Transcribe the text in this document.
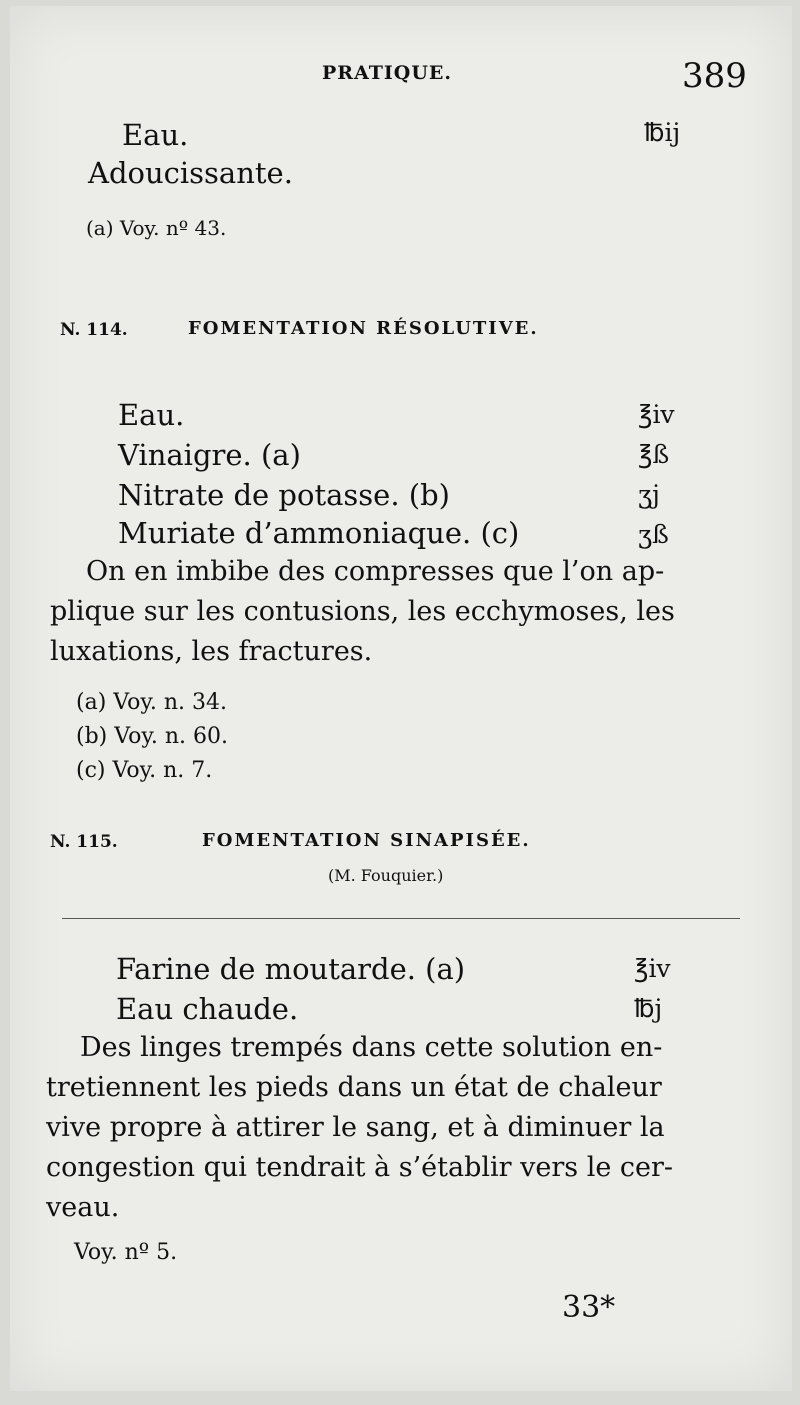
PRATIQUE.	389
Eau.	℔ij
Adoucissante.
(a) Voy. nº 43.
N. 114.	FOMENTATION RÉSOLUTIVE.
Eau.	℥iv
Vinaigre. (a)	℥ß
Nitrate de potasse. (b)	ʒj
Muriate d’ammoniaque. (c)	ʒß
On en imbibe des compresses que l’on ap-
plique sur les contusions, les ecchymoses, les
luxations, les fractures.
(a) Voy. n. 34.
(b) Voy. n. 60.
(c) Voy. n. 7.
N. 115.	FOMENTATION SINAPISÉE.
(M. Fouquier.)
Farine de moutarde. (a)	℥iv
Eau chaude.	℔j
Des linges trempés dans cette solution en-
tretiennent les pieds dans un état de chaleur
vive propre à attirer le sang, et à diminuer la
congestion qui tendrait à s’établir vers le cer-
veau.
Voy. nº 5.
33*
